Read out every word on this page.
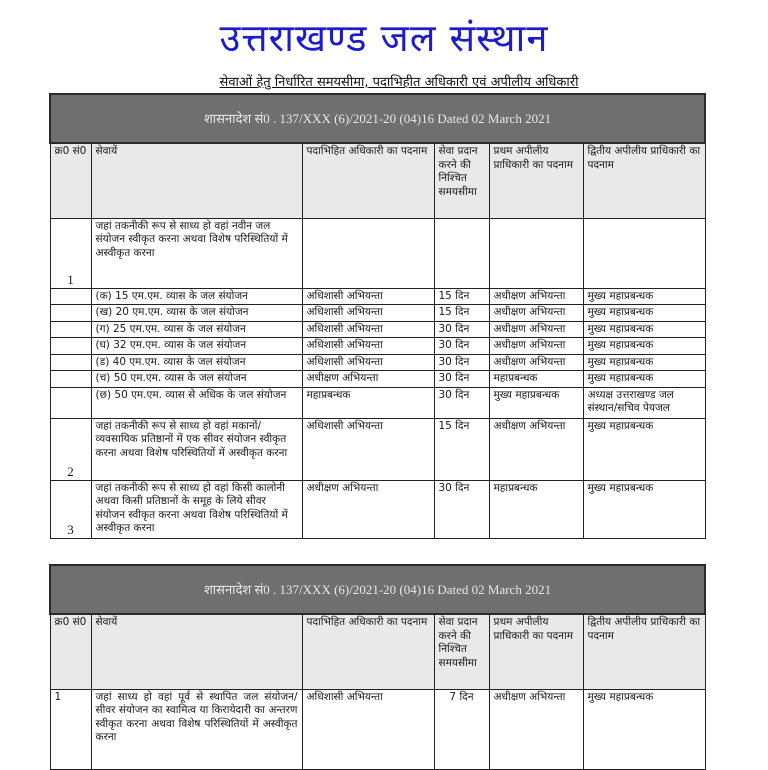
उत्तराखण्ड जल संस्थान
सेवाओं हेतु निर्धारित समयसीमा, पदाभिहीत अधिकारी एवं अपीलीय अधिकारी
शासनादेश सं0 . 137/XXX (6)/2021-20 (04)16 Dated 02 March 2021					
क्र0 सं0	सेवायें	पदाभिहित अधिकारी का पदनाम	सेवा प्रदान करने की निश्चित समयसीमा	प्रथम अपीलीय प्राधिकारी का पदनाम	द्वितीय अपीलीय प्राधिकारी का पदनाम
1	जहां तकनीकी रूप से साध्य हो वहां नवीन जल संयोजन स्वीकृत करना अथवा विशेष परिस्थितियों में अस्वीकृत करना				
	(क) 15 एम.एम. व्यास के जल संयोजन	अधिशासी अभियन्ता	15 दिन	अधीक्षण अभियन्ता	मुख्य महाप्रबन्धक
	(ख) 20 एम.एम. व्यास के जल संयोजन	अधिशासी अभियन्ता	15 दिन	अधीक्षण अभियन्ता	मुख्य महाप्रबन्धक
	(ग) 25 एम.एम. व्यास के जल संयोजन	अधिशासी अभियन्ता	30 दिन	अधीक्षण अभियन्ता	मुख्य महाप्रबन्धक
	(घ) 32 एम.एम. व्यास के जल संयोजन	अधिशासी अभियन्ता	30 दिन	अधीक्षण अभियन्ता	मुख्य महाप्रबन्धक
	(ड) 40 एम.एम. व्यास के जल संयोजन	अधिशासी अभियन्ता	30 दिन	अधीक्षण अभियन्ता	मुख्य महाप्रबन्धक
	(च) 50 एम.एम. व्यास के जल संयोजन	अधीक्षण अभियन्ता	30 दिन	महाप्रबन्धक	मुख्य महाप्रबन्धक
	(छ) 50 एम.एम. व्यास से अधिक के जल संयोजन	महाप्रबन्धक	30 दिन	मुख्य महाप्रबन्धक	अध्यक्ष उत्तराखण्ड जल संस्थान/सचिव पेयजल
2	जहां तकनीकी रूप से साध्य हो वहां मकानों/ व्यवसायिक प्रतिष्ठानों में एक सीवर संयोजन स्वीकृत करना अथवा विशेष परिस्थितियों में अस्वीकृत करना	अधिशासी अभियन्ता	15 दिन	अधीक्षण अभियन्ता	मुख्य महाप्रबन्धक
3	जहां तकनीकी रूप से साध्य हो वहां किसी कालोनी अथवा किसी प्रतिष्ठानों के समूह के लिये सीवर संयोजन स्वीकृत करना अथवा विशेष परिस्थितियों में अस्वीकृत करना	अधीक्षण अभियन्ता	30 दिन	महाप्रबन्धक	मुख्य महाप्रबन्धक
शासनादेश सं0 . 137/XXX (6)/2021-20 (04)16 Dated 02 March 2021					
क्र0 सं0	सेवायें	पदाभिहित अधिकारी का पदनाम	सेवा प्रदान करने की निश्चित समयसीमा	प्रथम अपीलीय प्राधिकारी का पदनाम	द्वितीय अपीलीय प्राधिकारी का पदनाम
1	जहां साध्य हो वहां पूर्व से स्थापित जल संयोजन/ सीवर संयोजन का स्वामित्व या किरायेदारी का अन्तरण स्वीकृत करना अथवा विशेष परिस्थितियों में अस्वीकृत करना	अधिशासी अभियन्ता	7 दिन	अधीक्षण अभियन्ता	मुख्य महाप्रबन्धक
